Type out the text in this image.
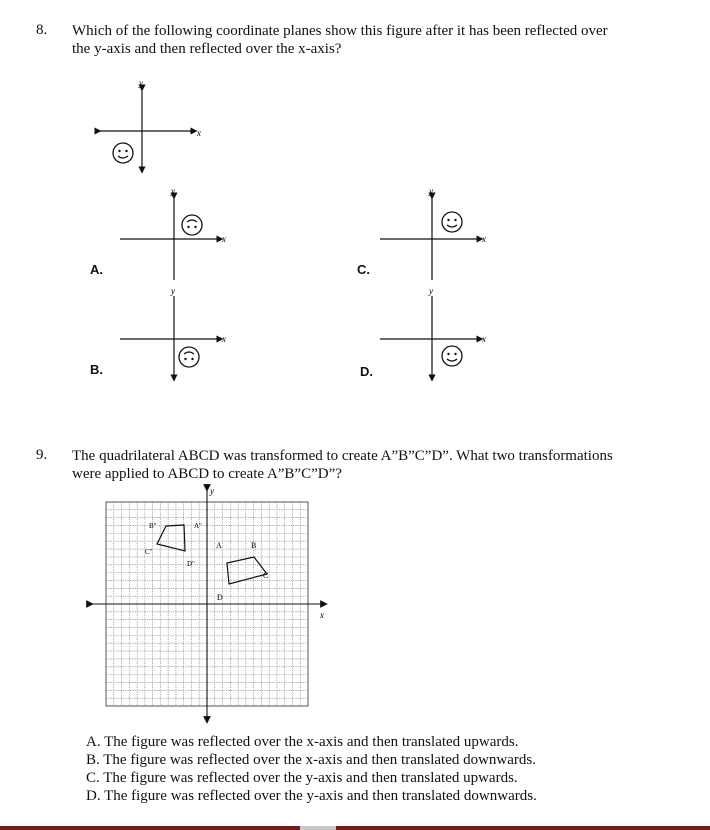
8. Which of the following coordinate planes show this figure after it has been reflected over
the y-axis and then reflected over the x-axis?
y
x
y
x
A.
y
x
B.
y
x
C.
y
x
D.
9. The quadrilateral ABCD was transformed to create A”B”C”D”. What two transformations
were applied to ABCD to create A”B”C”D”?
y
x
A	B
C
D
A"
B"
C"
D"
A. The figure was reflected over the x-axis and then translated upwards.
B. The figure was reflected over the x-axis and then translated downwards.
C. The figure was reflected over the y-axis and then translated upwards.
D. The figure was reflected over the y-axis and then translated downwards.
